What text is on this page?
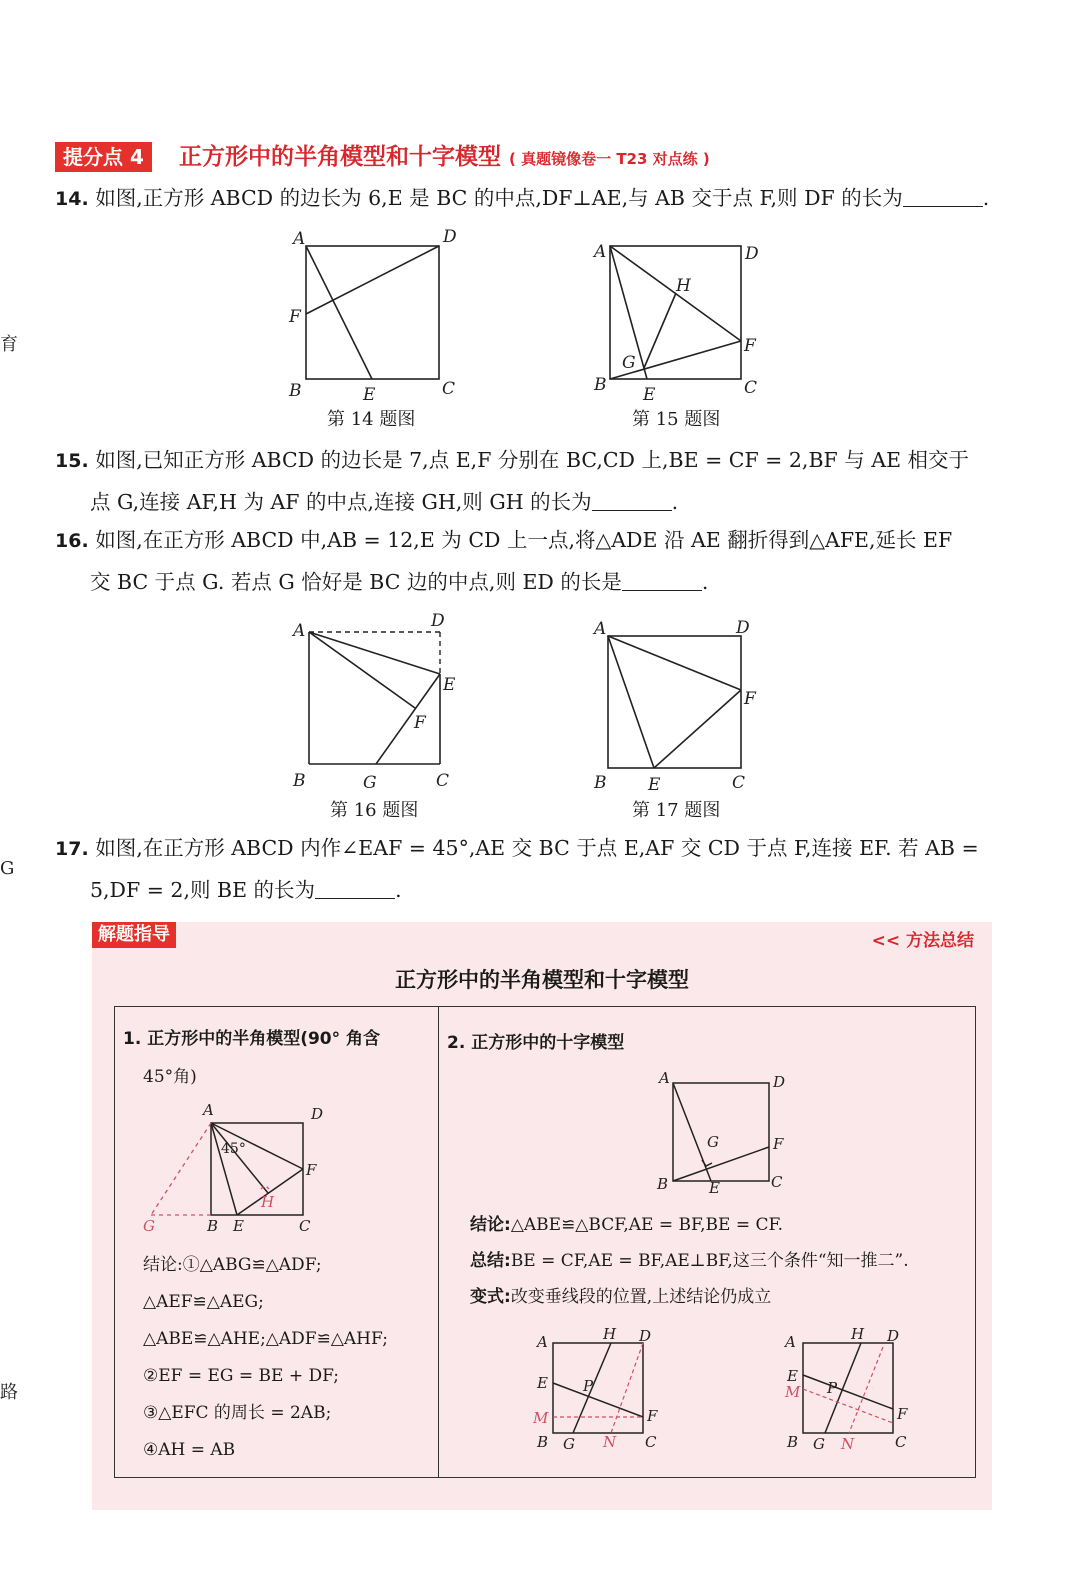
育
G
路
提分点 4	正方形中的半角模型和十字模型 ( 真题镜像卷一 T23 对点练 )
14. 如图,正方形 ABCD 的边长为 6,E 是 BC 的中点,DF⊥AE,与 AB 交于点 F,则 DF 的长为	.
A	D
F
B	E	C
第 14 题图
A	D
H
F
G
B E	C
第 15 题图
15. 如图,已知正方形 ABCD 的边长是 7,点 E,F 分别在 BC,CD 上,BE = CF = 2,BF 与 AE 相交于
点 G,连接 AF,H 为 AF 的中点,连接 GH,则 GH 的长为	.
16. 如图,在正方形 ABCD 中,AB = 12,E 为 CD 上一点,将△ADE 沿 AE 翻折得到△AFE,延长 EF
交 BC 于点 G. 若点 G 恰好是 BC 边的中点,则 ED 的长是	.
A	D
E
F
B	G	C
第 16 题图
A	D
F
B E	C
第 17 题图
17. 如图,在正方形 ABCD 内作∠EAF = 45°,AE 交 BC 于点 E,AF 交 CD 于点 F,连接 EF. 若 AB =
5,DF = 2,则 BE 的长为	.
解题指导	<< 方法总结
正方形中的半角模型和十字模型
1. 正方形中的半角模型(90° 角含
45°角)
A	D
45°
F
H
G	B E	C
结论:①△ABG≌△ADF;
△AEF≌△AEG;
△ABE≌△AHE;△ADF≌△AHF;
②EF = EG = BE + DF;
③△EFC 的周长 = 2AB;
④AH = AB
2. 正方形中的十字模型
A	D
F
G
B	E	C
结论:△ABE≌△BCF,AE = BF,BE = CF.
总结:BE = CF,AE = BF,AE⊥BF,这三个条件“知一推二”.
变式:改变垂线段的位置,上述结论仍成立
A	H D
E P
M	F
B G N C
A	H D
E
M P
F
B G N	C
